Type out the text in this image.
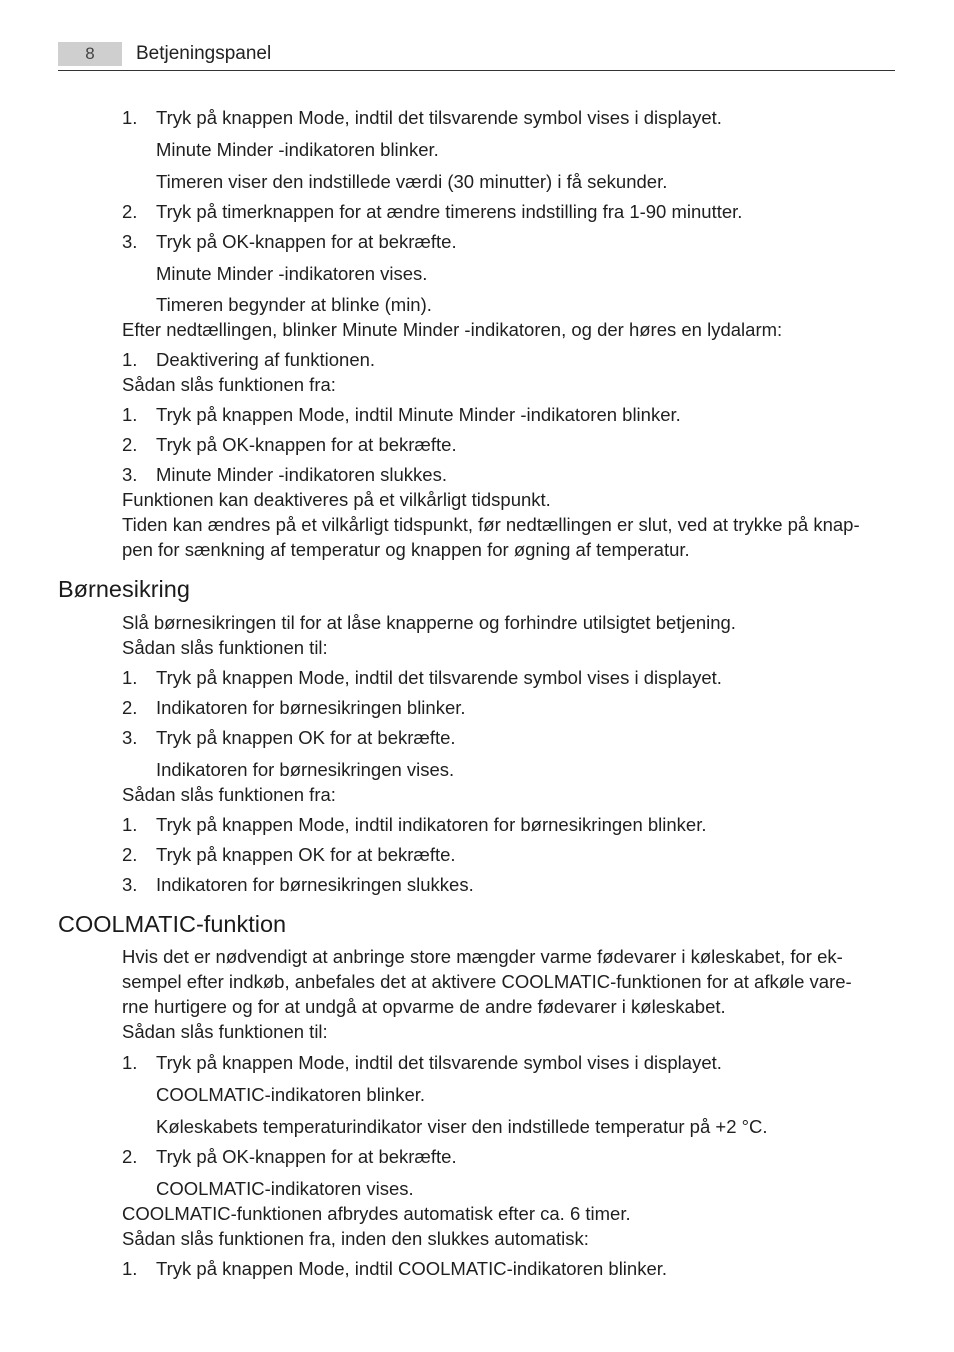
8	Betjeningspanel
1.	Tryk på knappen Mode, indtil det tilsvarende symbol vises i displayet.
Minute Minder -indikatoren blinker.
Timeren viser den indstillede værdi (30 minutter) i få sekunder.
2.	Tryk på timerknappen for at ændre timerens indstilling fra 1-90 minutter.
3.	Tryk på OK-knappen for at bekræfte.
Minute Minder -indikatoren vises.
Timeren begynder at blinke (min).
Efter nedtællingen, blinker Minute Minder -indikatoren, og der høres en lydalarm:
1.	Deaktivering af funktionen.
Sådan slås funktionen fra:
1.	Tryk på knappen Mode, indtil Minute Minder -indikatoren blinker.
2.	Tryk på OK-knappen for at bekræfte.
3.	Minute Minder -indikatoren slukkes.
Funktionen kan deaktiveres på et vilkårligt tidspunkt.
Tiden kan ændres på et vilkårligt tidspunkt, før nedtællingen er slut, ved at trykke på knap-
pen for sænkning af temperatur og knappen for øgning af temperatur.
Børnesikring
Slå børnesikringen til for at låse knapperne og forhindre utilsigtet betjening.
Sådan slås funktionen til:
1.	Tryk på knappen Mode, indtil det tilsvarende symbol vises i displayet.
2.	Indikatoren for børnesikringen blinker.
3.	Tryk på knappen OK for at bekræfte.
Indikatoren for børnesikringen vises.
Sådan slås funktionen fra:
1.	Tryk på knappen Mode, indtil indikatoren for børnesikringen blinker.
2.	Tryk på knappen OK for at bekræfte.
3.	Indikatoren for børnesikringen slukkes.
COOLMATIC-funktion
Hvis det er nødvendigt at anbringe store mængder varme fødevarer i køleskabet, for ek-
sempel efter indkøb, anbefales det at aktivere COOLMATIC-funktionen for at afkøle vare-
rne hurtigere og for at undgå at opvarme de andre fødevarer i køleskabet.
Sådan slås funktionen til:
1.	Tryk på knappen Mode, indtil det tilsvarende symbol vises i displayet.
COOLMATIC-indikatoren blinker.
Køleskabets temperaturindikator viser den indstillede temperatur på +2 °C.
2.	Tryk på OK-knappen for at bekræfte.
COOLMATIC-indikatoren vises.
COOLMATIC-funktionen afbrydes automatisk efter ca. 6 timer.
Sådan slås funktionen fra, inden den slukkes automatisk:
1.	Tryk på knappen Mode, indtil COOLMATIC-indikatoren blinker.
